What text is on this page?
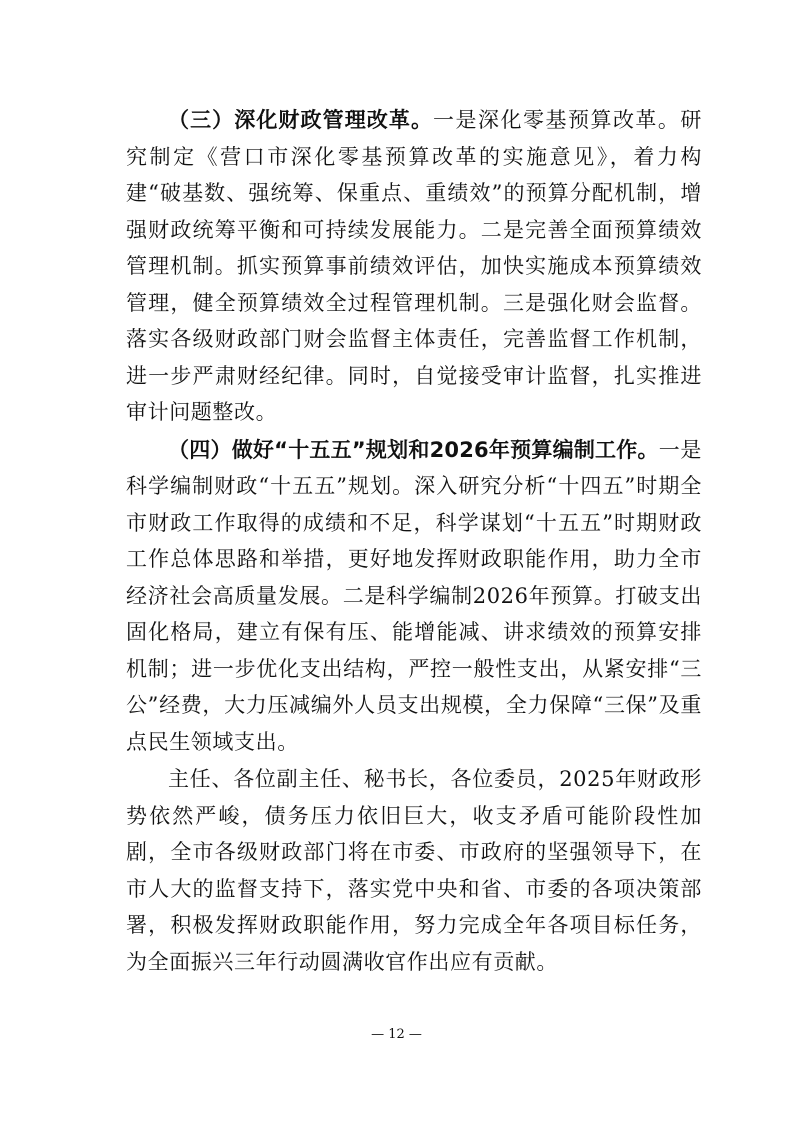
（三）深化财政管理改革。一是深化零基预算改革。研究制定《营口市深化零基预算改革的实施意见》，着力构建“破基数、强统筹、保重点、重绩效”的预算分配机制，增强财政统筹平衡和可持续发展能力。二是完善全面预算绩效管理机制。抓实预算事前绩效评估，加快实施成本预算绩效管理，健全预算绩效全过程管理机制。三是强化财会监督。落实各级财政部门财会监督主体责任，完善监督工作机制，进一步严肃财经纪律。同时，自觉接受审计监督，扎实推进审计问题整改。

（四）做好“十五五”规划和2026年预算编制工作。一是科学编制财政“十五五”规划。深入研究分析“十四五”时期全市财政工作取得的成绩和不足，科学谋划“十五五”时期财政工作总体思路和举措，更好地发挥财政职能作用，助力全市经济社会高质量发展。二是科学编制2026年预算。打破支出固化格局，建立有保有压、能增能减、讲求绩效的预算安排机制；进一步优化支出结构，严控一般性支出，从紧安排“三公”经费，大力压减编外人员支出规模，全力保障“三保”及重点民生领域支出。

主任、各位副主任、秘书长，各位委员，2025年财政形势依然严峻，债务压力依旧巨大，收支矛盾可能阶段性加剧，全市各级财政部门将在市委、市政府的坚强领导下，在市人大的监督支持下，落实党中央和省、市委的各项决策部署，积极发挥财政职能作用，努力完成全年各项目标任务，为全面振兴三年行动圆满收官作出应有贡献。

— 12 —
